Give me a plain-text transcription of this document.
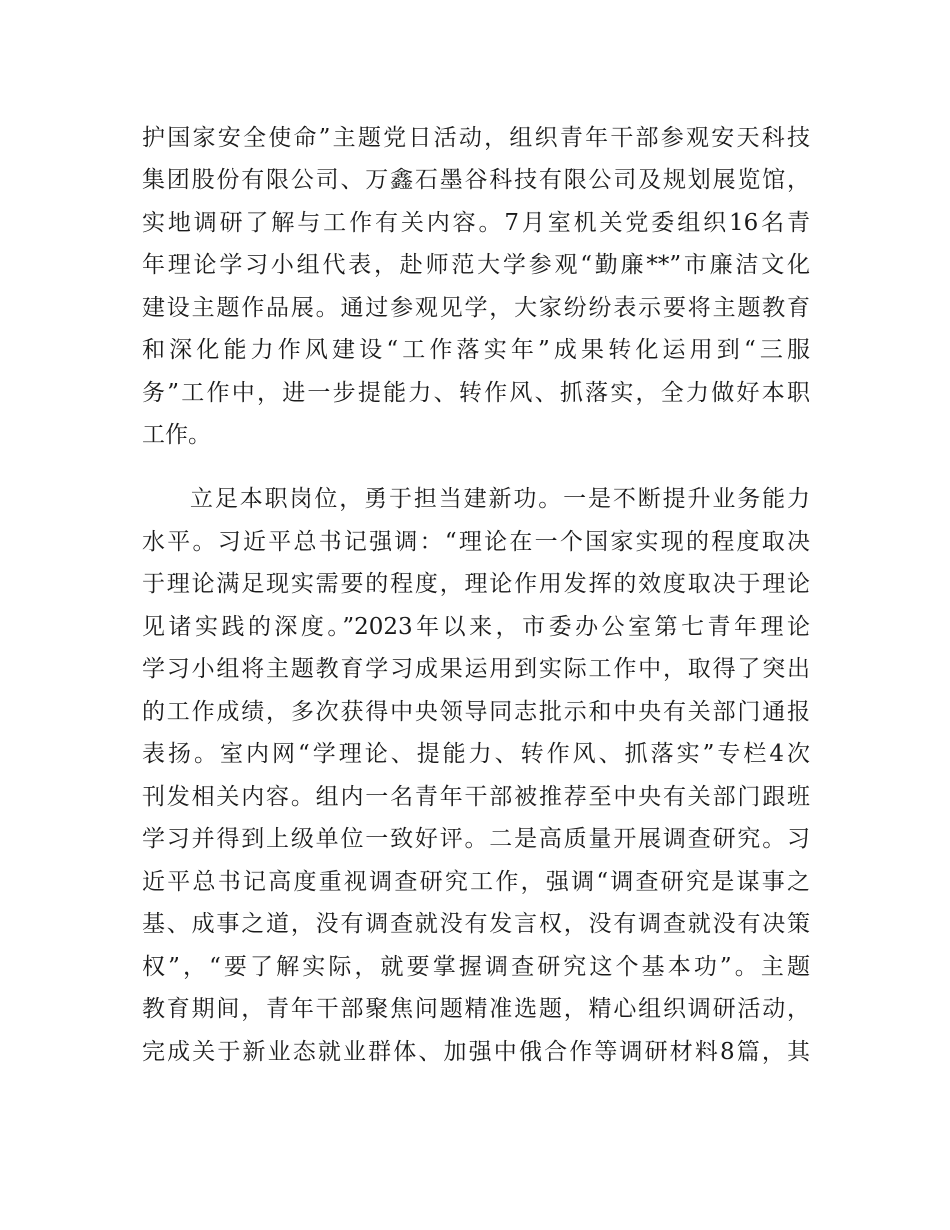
护国家安全使命”主题党日活动，组织青年干部参观安天科技
集团股份有限公司、万鑫石墨谷科技有限公司及规划展览馆，
实地调研了解与工作有关内容。7月室机关党委组织16名青
年理论学习小组代表，赴师范大学参观“勤廉**”市廉洁文化
建设主题作品展。通过参观见学，大家纷纷表示要将主题教育
和深化能力作风建设“工作落实年”成果转化运用到“三服
务”工作中，进一步提能力、转作风、抓落实，全力做好本职
工作。
立足本职岗位，勇于担当建新功。一是不断提升业务能力
水平。习近平总书记强调：“理论在一个国家实现的程度取决
于理论满足现实需要的程度，理论作用发挥的效度取决于理论
见诸实践的深度。”2023年以来，市委办公室第七青年理论
学习小组将主题教育学习成果运用到实际工作中，取得了突出
的工作成绩，多次获得中央领导同志批示和中央有关部门通报
表扬。室内网“学理论、提能力、转作风、抓落实”专栏4次
刊发相关内容。组内一名青年干部被推荐至中央有关部门跟班
学习并得到上级单位一致好评。二是高质量开展调查研究。习
近平总书记高度重视调查研究工作，强调“调查研究是谋事之
基、成事之道，没有调查就没有发言权，没有调查就没有决策
权”，“要了解实际，就要掌握调查研究这个基本功”。主题
教育期间，青年干部聚焦问题精准选题，精心组织调研活动，
完成关于新业态就业群体、加强中俄合作等调研材料8篇，其
